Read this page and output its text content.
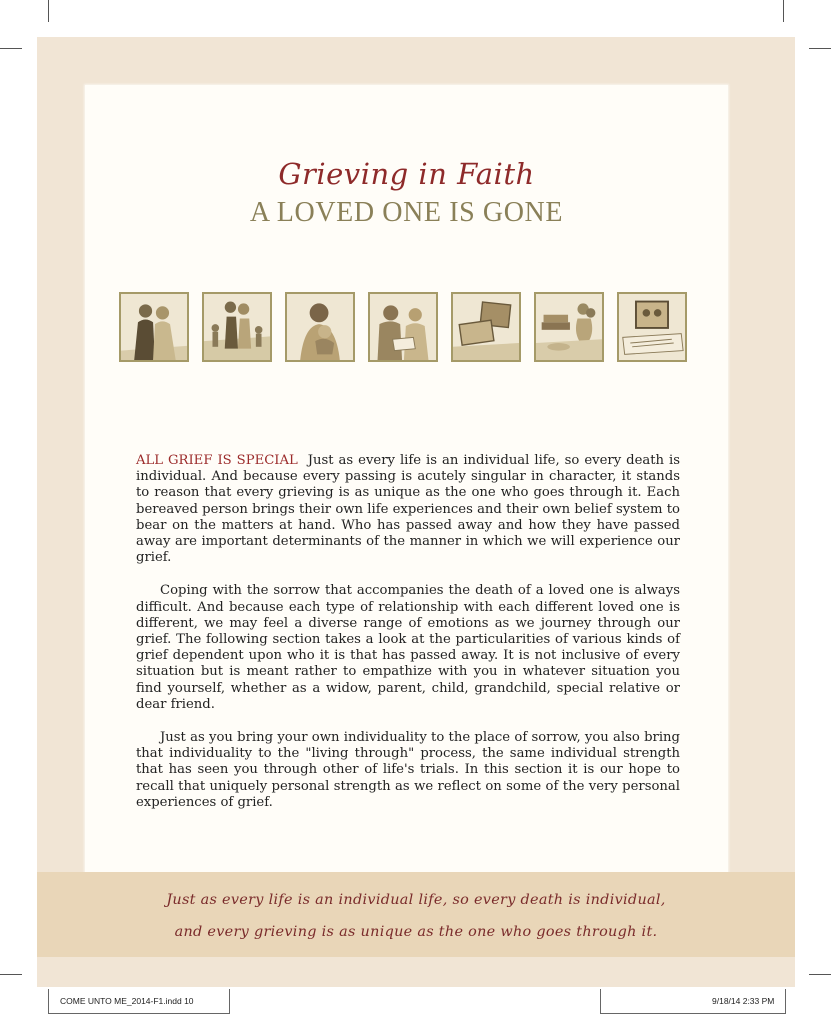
Grieving in Faith
A LOVED ONE IS GONE

ALL GRIEF IS SPECIAL Just as every life is an individual life, so every death is individual. And because every passing is acutely singular in character, it stands to reason that every grieving is as unique as the one who goes through it. Each bereaved person brings their own life experiences and their own belief system to bear on the matters at hand. Who has passed away and how they have passed away are important determinants of the manner in which we will experience our grief.

Coping with the sorrow that accompanies the death of a loved one is always difficult. And because each type of relationship with each different loved one is different, we may feel a diverse range of emotions as we journey through our grief. The following section takes a look at the particularities of various kinds of grief dependent upon who it is that has passed away. It is not inclusive of every situation but is meant rather to empathize with you in whatever situation you find yourself, whether as a widow, parent, child, grandchild, special relative or dear friend.

Just as you bring your own individuality to the place of sorrow, you also bring that individuality to the "living through" process, the same individual strength that has seen you through other of life's trials. In this section it is our hope to recall that uniquely personal strength as we reflect on some of the very personal experiences of grief.

Just as every life is an individual life, so every death is individual,
and every grieving is as unique as the one who goes through it.
COME UNTO ME_2014-F1.indd 10	9/18/14 2:33 PM
